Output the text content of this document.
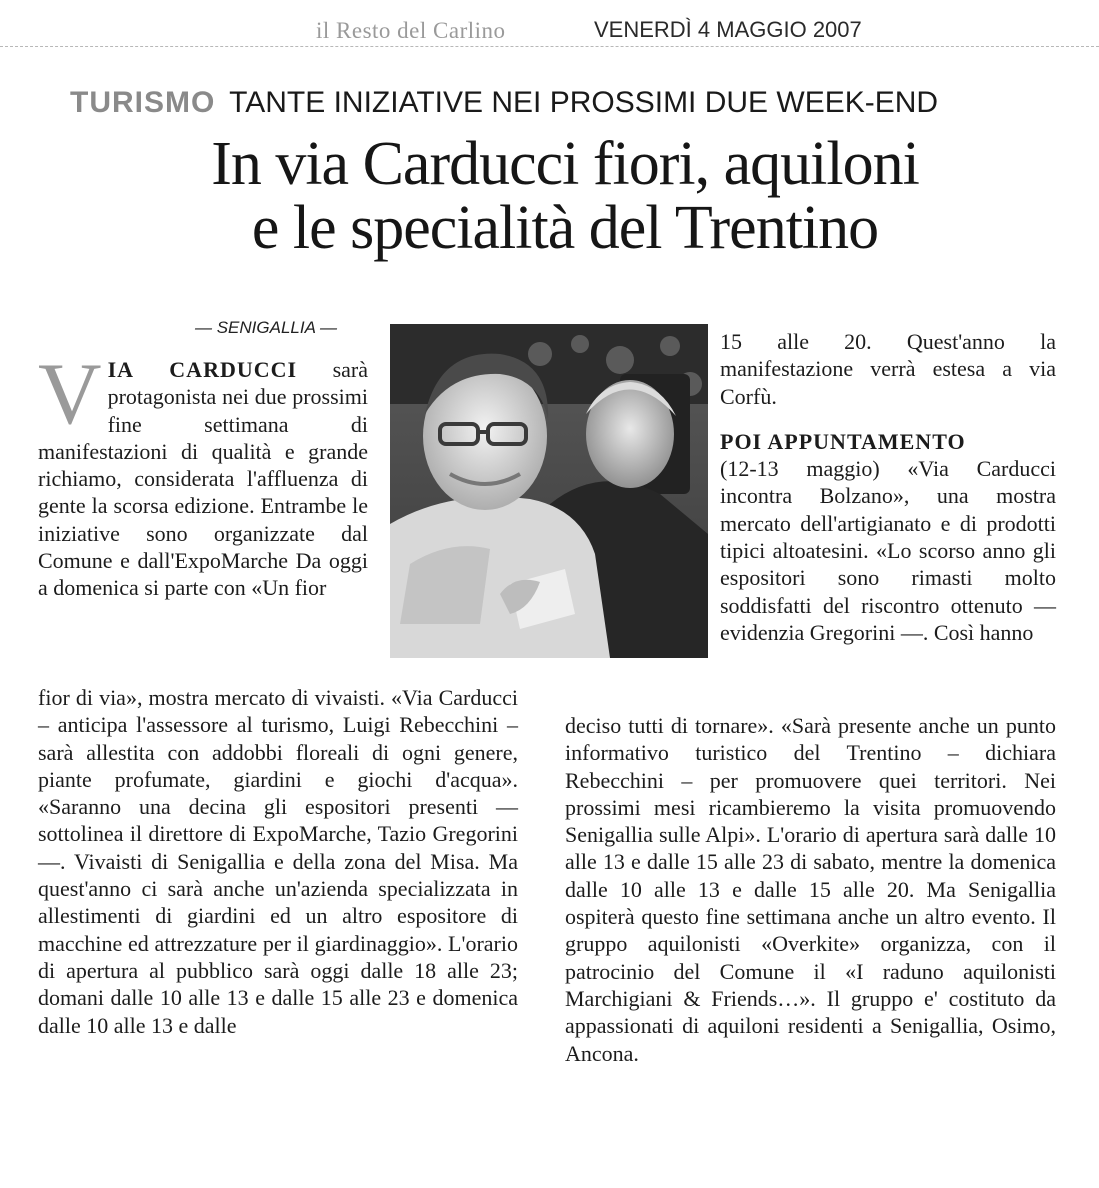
il Resto del Carlino	VENERDÌ 4 MAGGIO 2007
TURISMO TANTE INIZIATIVE NEI PROSSIMI DUE WEEK-END
In via Carducci fiori, aquiloni
e le specialità del Trentino
— SENIGALLIA —
V IA CARDUCCI sarà protagonista nei due prossimi fine settimana di manifestazioni di qualità e grande richiamo, considerata l'affluenza di gente la scorsa edizione. Entrambe le iniziative sono organizzate dal Comune e dall'ExpoMarche Da oggi a domenica si parte con «Un fior

fior di via», mostra mercato di vivaisti. «Via Carducci – anticipa l'assessore al turismo, Luigi Rebecchini – sarà allestita con addobbi floreali di ogni genere, piante profumate, giardini e giochi d'acqua». «Saranno una decina gli espositori presenti — sottolinea il direttore di ExpoMarche, Tazio Gregorini —. Vivaisti di Senigallia e della zona del Misa. Ma quest'anno ci sarà anche un'azienda specializzata in allestimenti di giardini ed un altro espositore di macchine ed attrezzature per il giardinaggio». L'orario di apertura al pubblico sarà oggi dalle 18 alle 23; domani dalle 10 alle 13 e dalle 15 alle 23 e domenica dalle 10 alle 13 e dalle

15 alle 20. Quest'anno la manifestazione verrà estesa a via Corfù.

POI APPUNTAMENTO

(12-13 maggio) «Via Carducci incontra Bolzano», una mostra mercato dell'artigianato e di prodotti tipici altoatesini. «Lo scorso anno gli espositori sono rimasti molto soddisfatti del riscontro ottenuto — evidenzia Gregorini —. Così hanno

deciso tutti di tornare». «Sarà presente anche un punto informativo turistico del Trentino – dichiara Rebecchini – per promuovere quei territori. Nei prossimi mesi ricambieremo la visita promuovendo Senigallia sulle Alpi». L'orario di apertura sarà dalle 10 alle 13 e dalle 15 alle 23 di sabato, mentre la domenica dalle 10 alle 13 e dalle 15 alle 20. Ma Senigallia ospiterà questo fine settimana anche un altro evento. Il gruppo aquilonisti «Overkite» organizza, con il patrocinio del Comune il «I raduno aquilonisti Marchigiani & Friends…». Il gruppo e' costituto da appassionati di aquiloni residenti a Senigallia, Osimo, Ancona.
